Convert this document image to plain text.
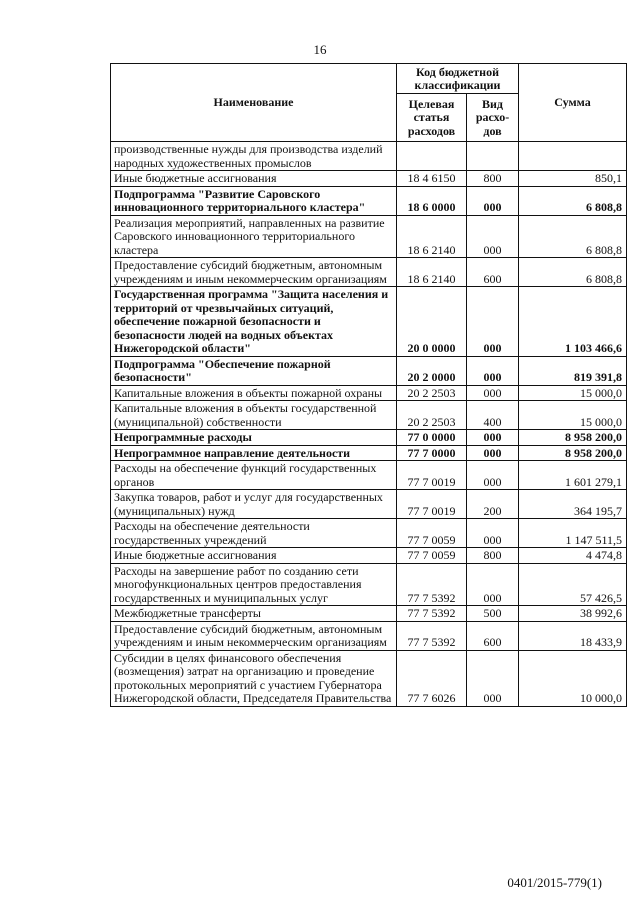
16
Наименование	Код бюджетной классификации		Сумма
	Целевая статья расходов	Вид расхо-дов	
производственные нужды для производства изделий народных художественных промыслов			
Иные бюджетные ассигнования	18 4 6150	800	850,1
Подпрограмма "Развитие Саровского инновационного территориального кластера"	18 6 0000	000	6 808,8
Реализация мероприятий, направленных на развитие Саровского инновационного территориального кластера	18 6 2140	000	6 808,8
Предоставление субсидий бюджетным, автономным учреждениям и иным некоммерческим организациям	18 6 2140	600	6 808,8
Государственная программа "Защита населения и территорий от чрезвычайных ситуаций, обеспечение пожарной безопасности и безопасности людей на водных объектах Нижегородской области"	20 0 0000	000	1 103 466,6
Подпрограмма "Обеспечение пожарной безопасности"	20 2 0000	000	819 391,8
Капитальные вложения в объекты пожарной охраны	20 2 2503	000	15 000,0
Капитальные вложения в объекты государственной (муниципальной) собственности	20 2 2503	400	15 000,0
Непрограммные расходы	77 0 0000	000	8 958 200,0
Непрограммное направление деятельности	77 7 0000	000	8 958 200,0
Расходы на обеспечение функций государственных органов	77 7 0019	000	1 601 279,1
Закупка товаров, работ и услуг для государственных (муниципальных) нужд	77 7 0019	200	364 195,7
Расходы на обеспечение деятельности государственных учреждений	77 7 0059	000	1 147 511,5
Иные бюджетные ассигнования	77 7 0059	800	4 474,8
Расходы на завершение работ по созданию сети многофункциональных центров предоставления государственных и муниципальных услуг	77 7 5392	000	57 426,5
Межбюджетные трансферты	77 7 5392	500	38 992,6
Предоставление субсидий бюджетным, автономным учреждениям и иным некоммерческим организациям	77 7 5392	600	18 433,9
Субсидии в целях финансового обеспечения (возмещения) затрат на организацию и проведение протокольных мероприятий с участием Губернатора Нижегородской области, Председателя Правительства	77 7 6026	000	10 000,0
0401/2015-779(1)
